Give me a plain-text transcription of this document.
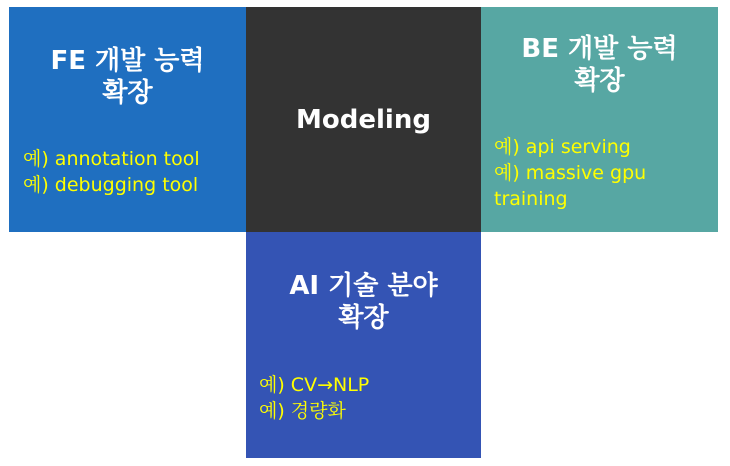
FE 개발 능력
확장
예) annotation tool
예) debugging tool
Modeling
BE 개발 능력
확장
예) api serving
예) massive gpu
training
AI 기술 분야
확장
예) CV→NLP
예) 경량화
